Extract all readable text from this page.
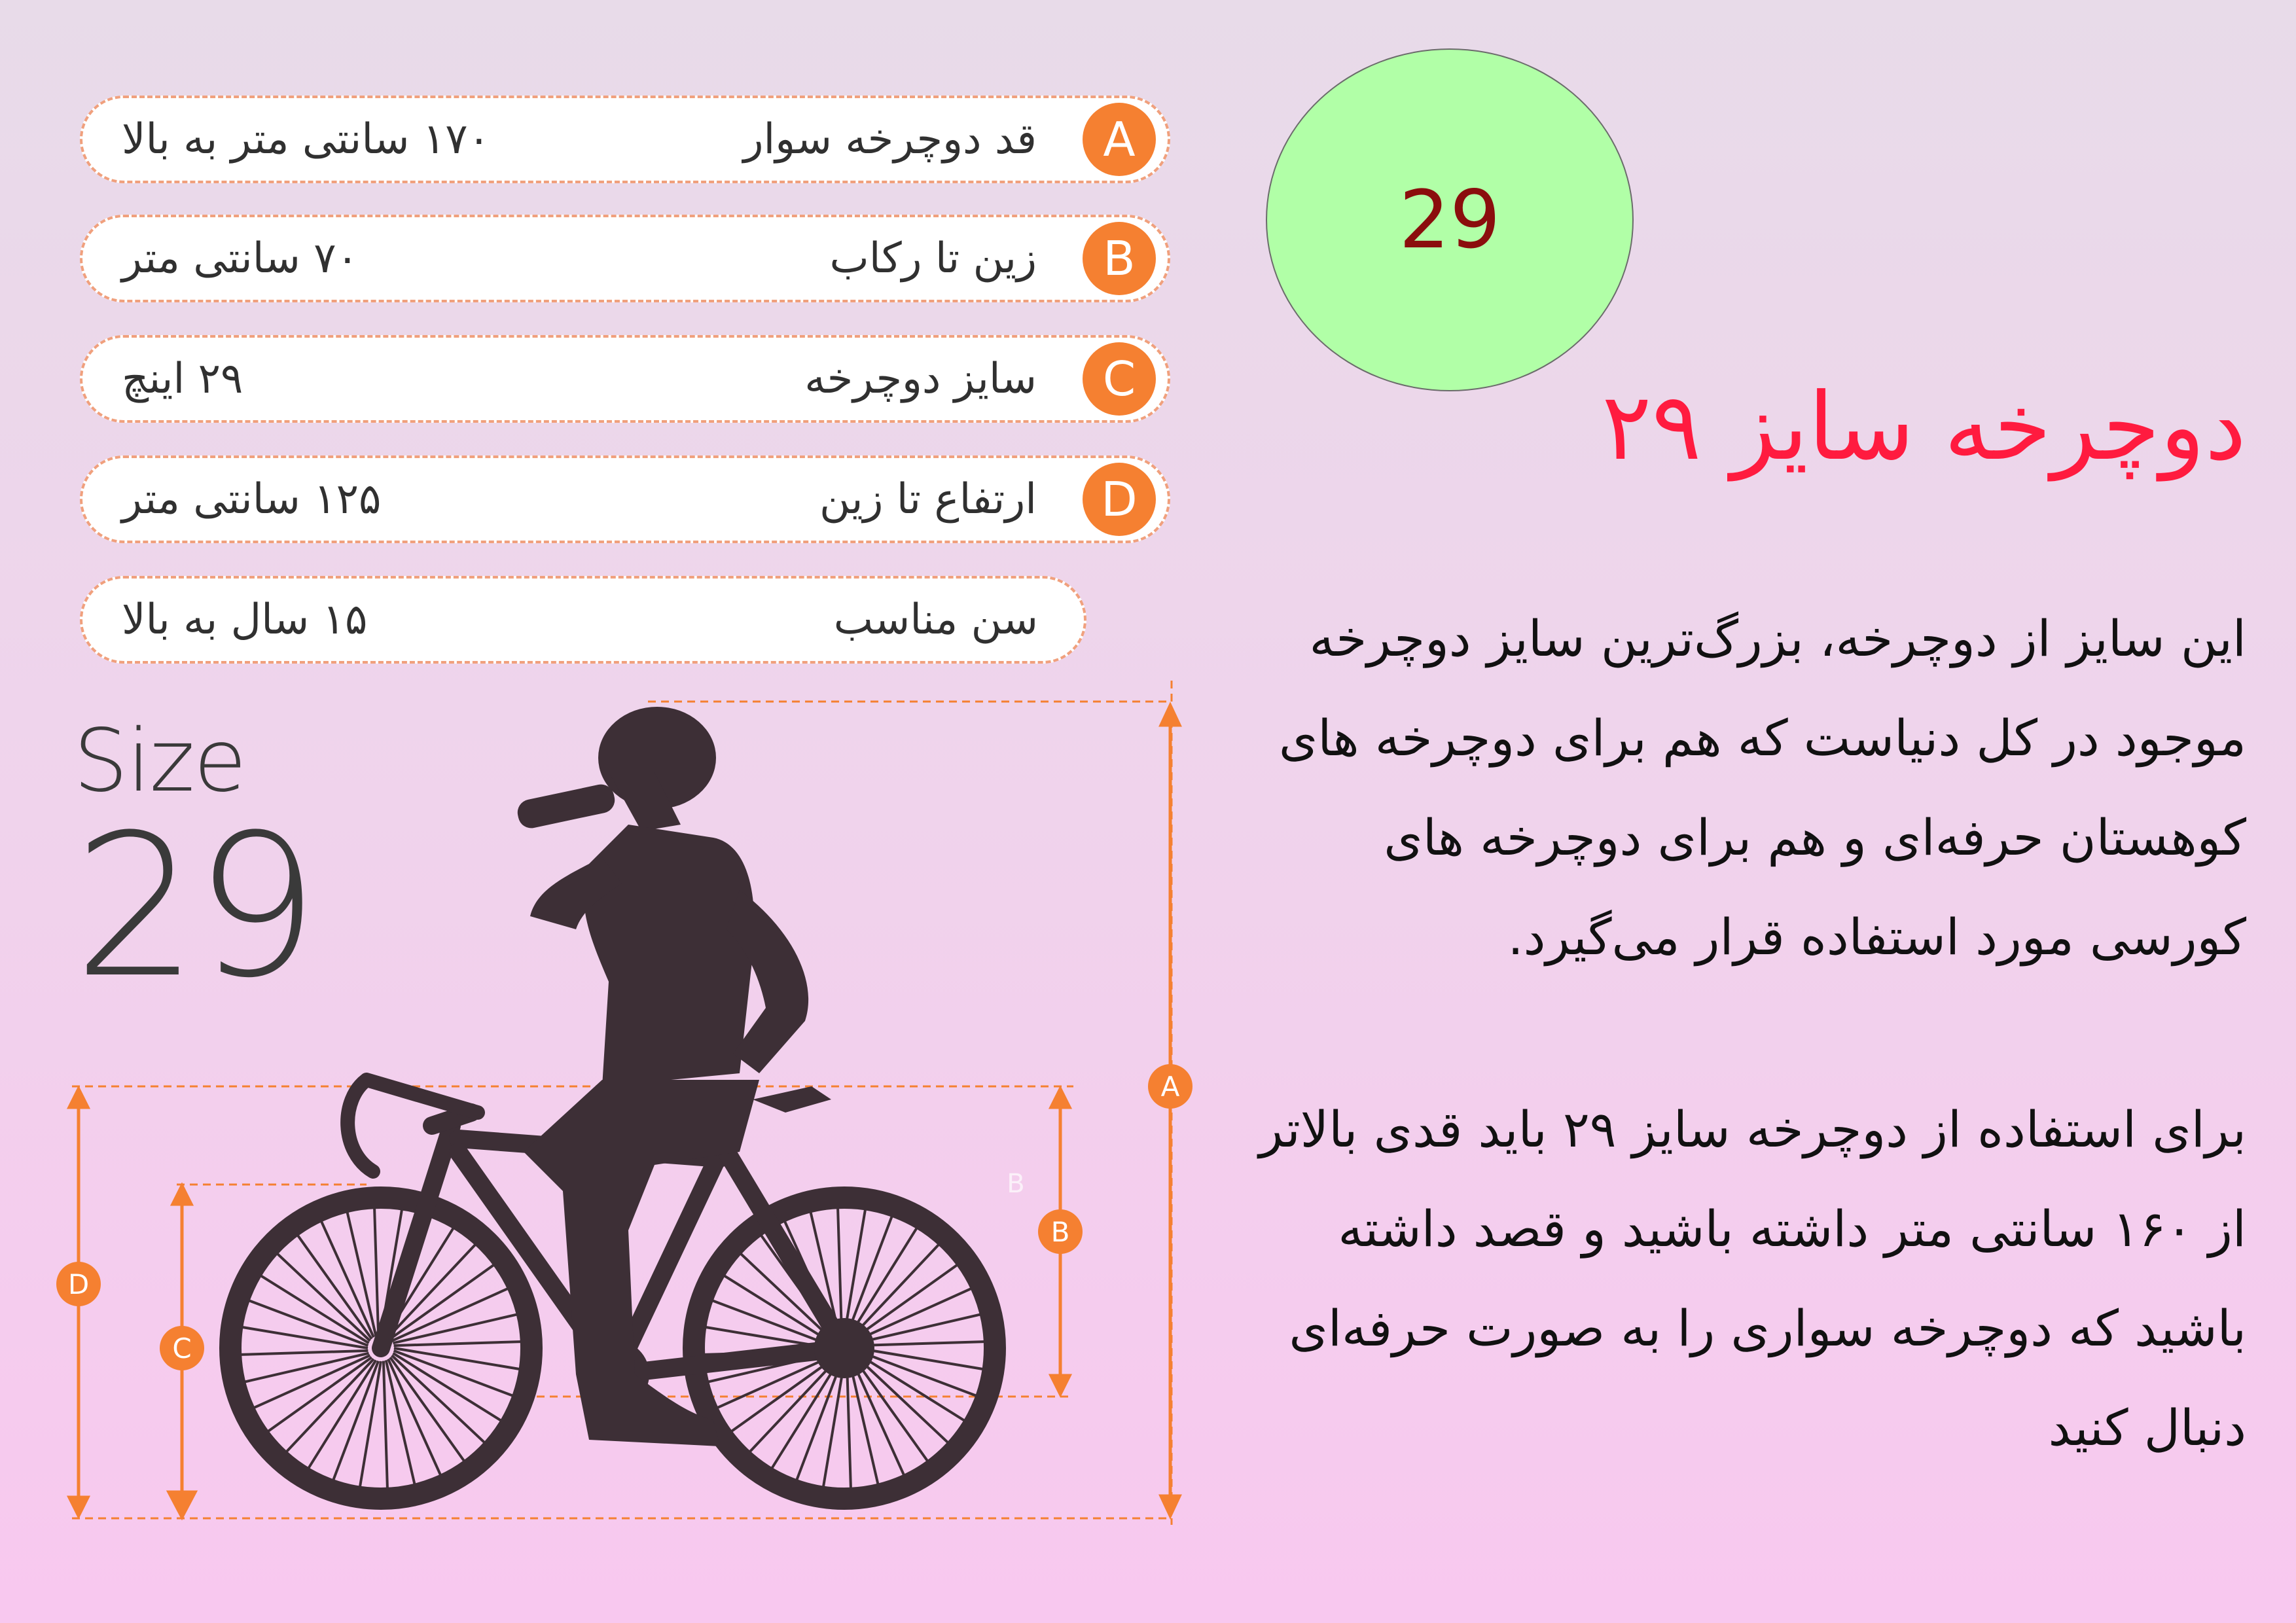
۱۷۰ سانتی متر به بالا	قد دوچرخه سوار	A
۷۰ سانتی متر	زین تا رکاب	B
۲۹ اینچ	سایز دوچرخه	C
۱۲۵ سانتی متر	ارتفاع تا زین	D
۱۵ سال به بالا	سن مناسب
29
دوچرخه سایز ۲۹
این سایز از دوچرخه، بزرگ‌ترین سایز دوچرخه موجود در کل دنیاست که هم برای دوچرخه های کوهستان حرفه‌ای و هم برای دوچرخه های کورسی مورد استفاده قرار می‌گیرد.
برای استفاده از دوچرخه سایز ۲۹ باید قدی بالاتر از ۱۶۰ سانتی متر داشته باشید و قصد داشته باشید که دوچرخه سواری را به صورت حرفه‌ای دنبال کنید
Size
29
A
B
C
D
B
